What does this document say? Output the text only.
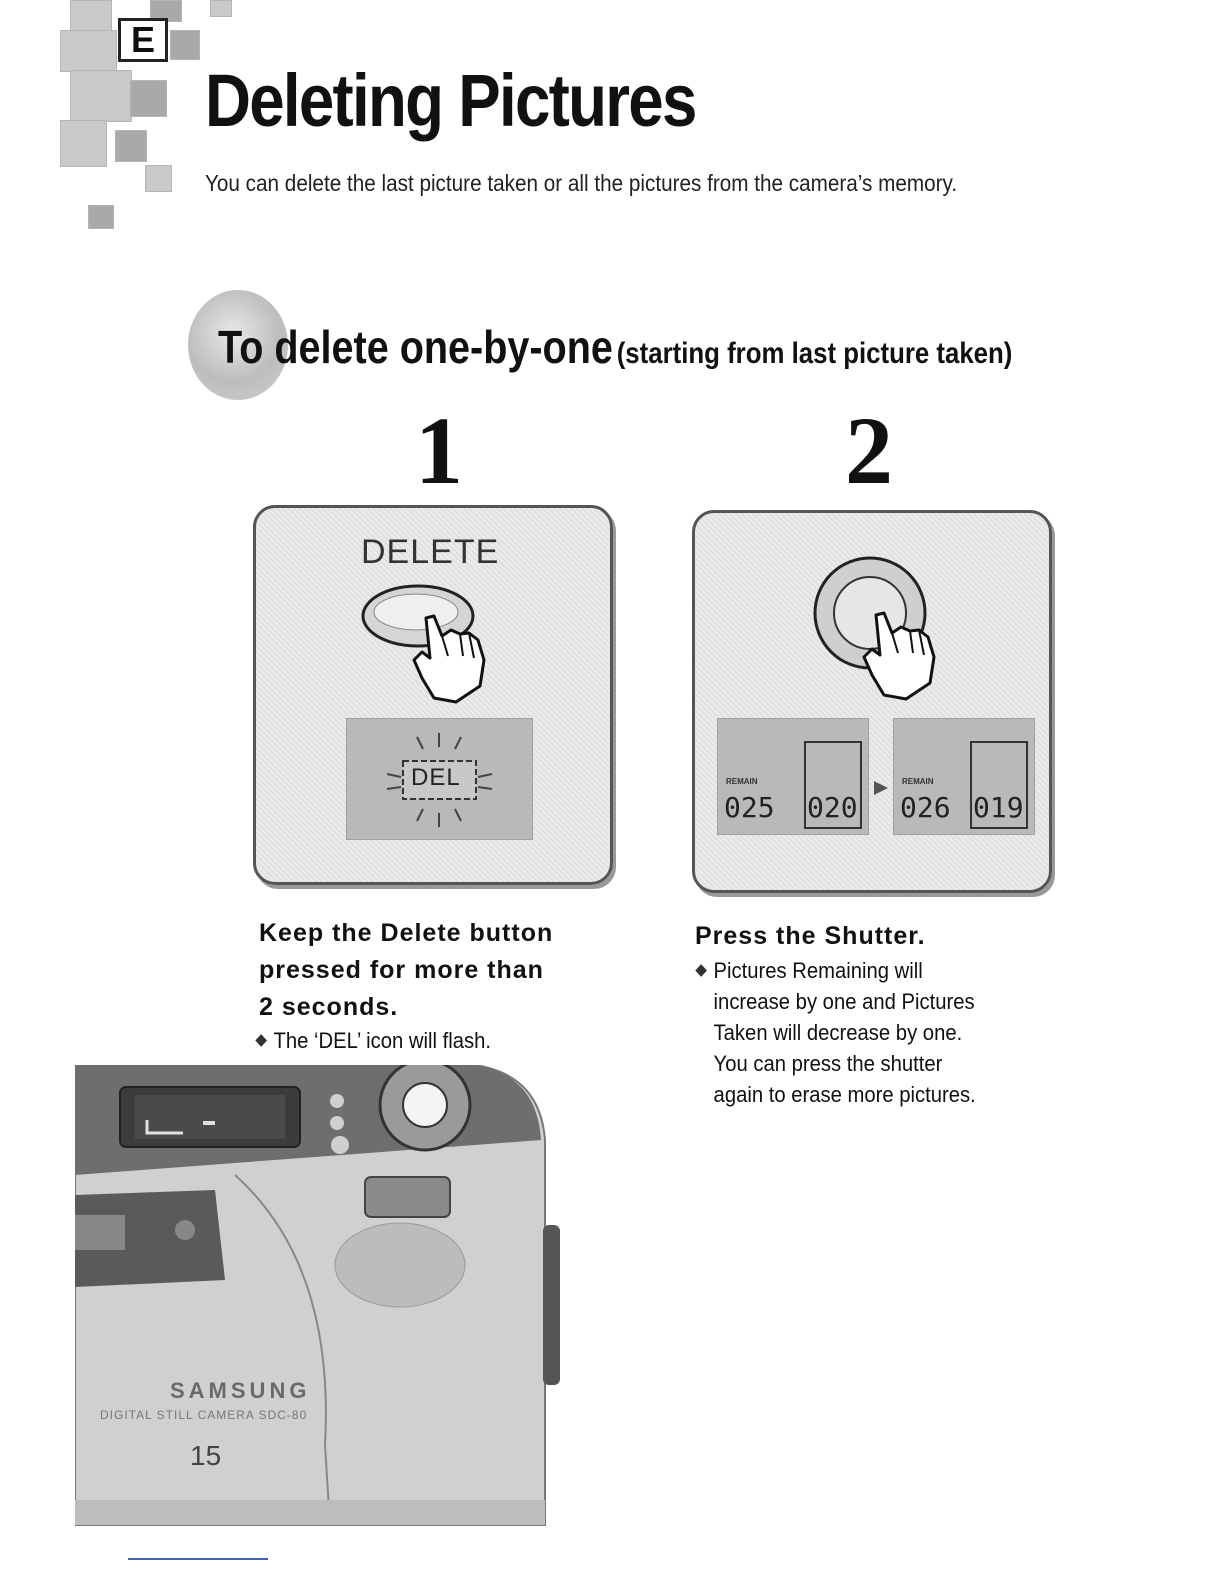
E
Deleting Pictures
You can delete the last picture taken or all the pictures from the camera’s memory.
To delete one-by-one (starting from last picture taken)
1	2
DELETE
DEL	REMAIN
025 020
REMAIN
026 019
Keep the Delete button
pressed for more than
2 seconds.
The ‘DEL’ icon will flash.
Press the Shutter.
Pictures Remaining will
increase by one and Pictures
Taken will decrease by one.
You can press the shutter
again to erase more pictures.
SAMSUNG
DIGITAL STILL CAMERA SDC-80
15
